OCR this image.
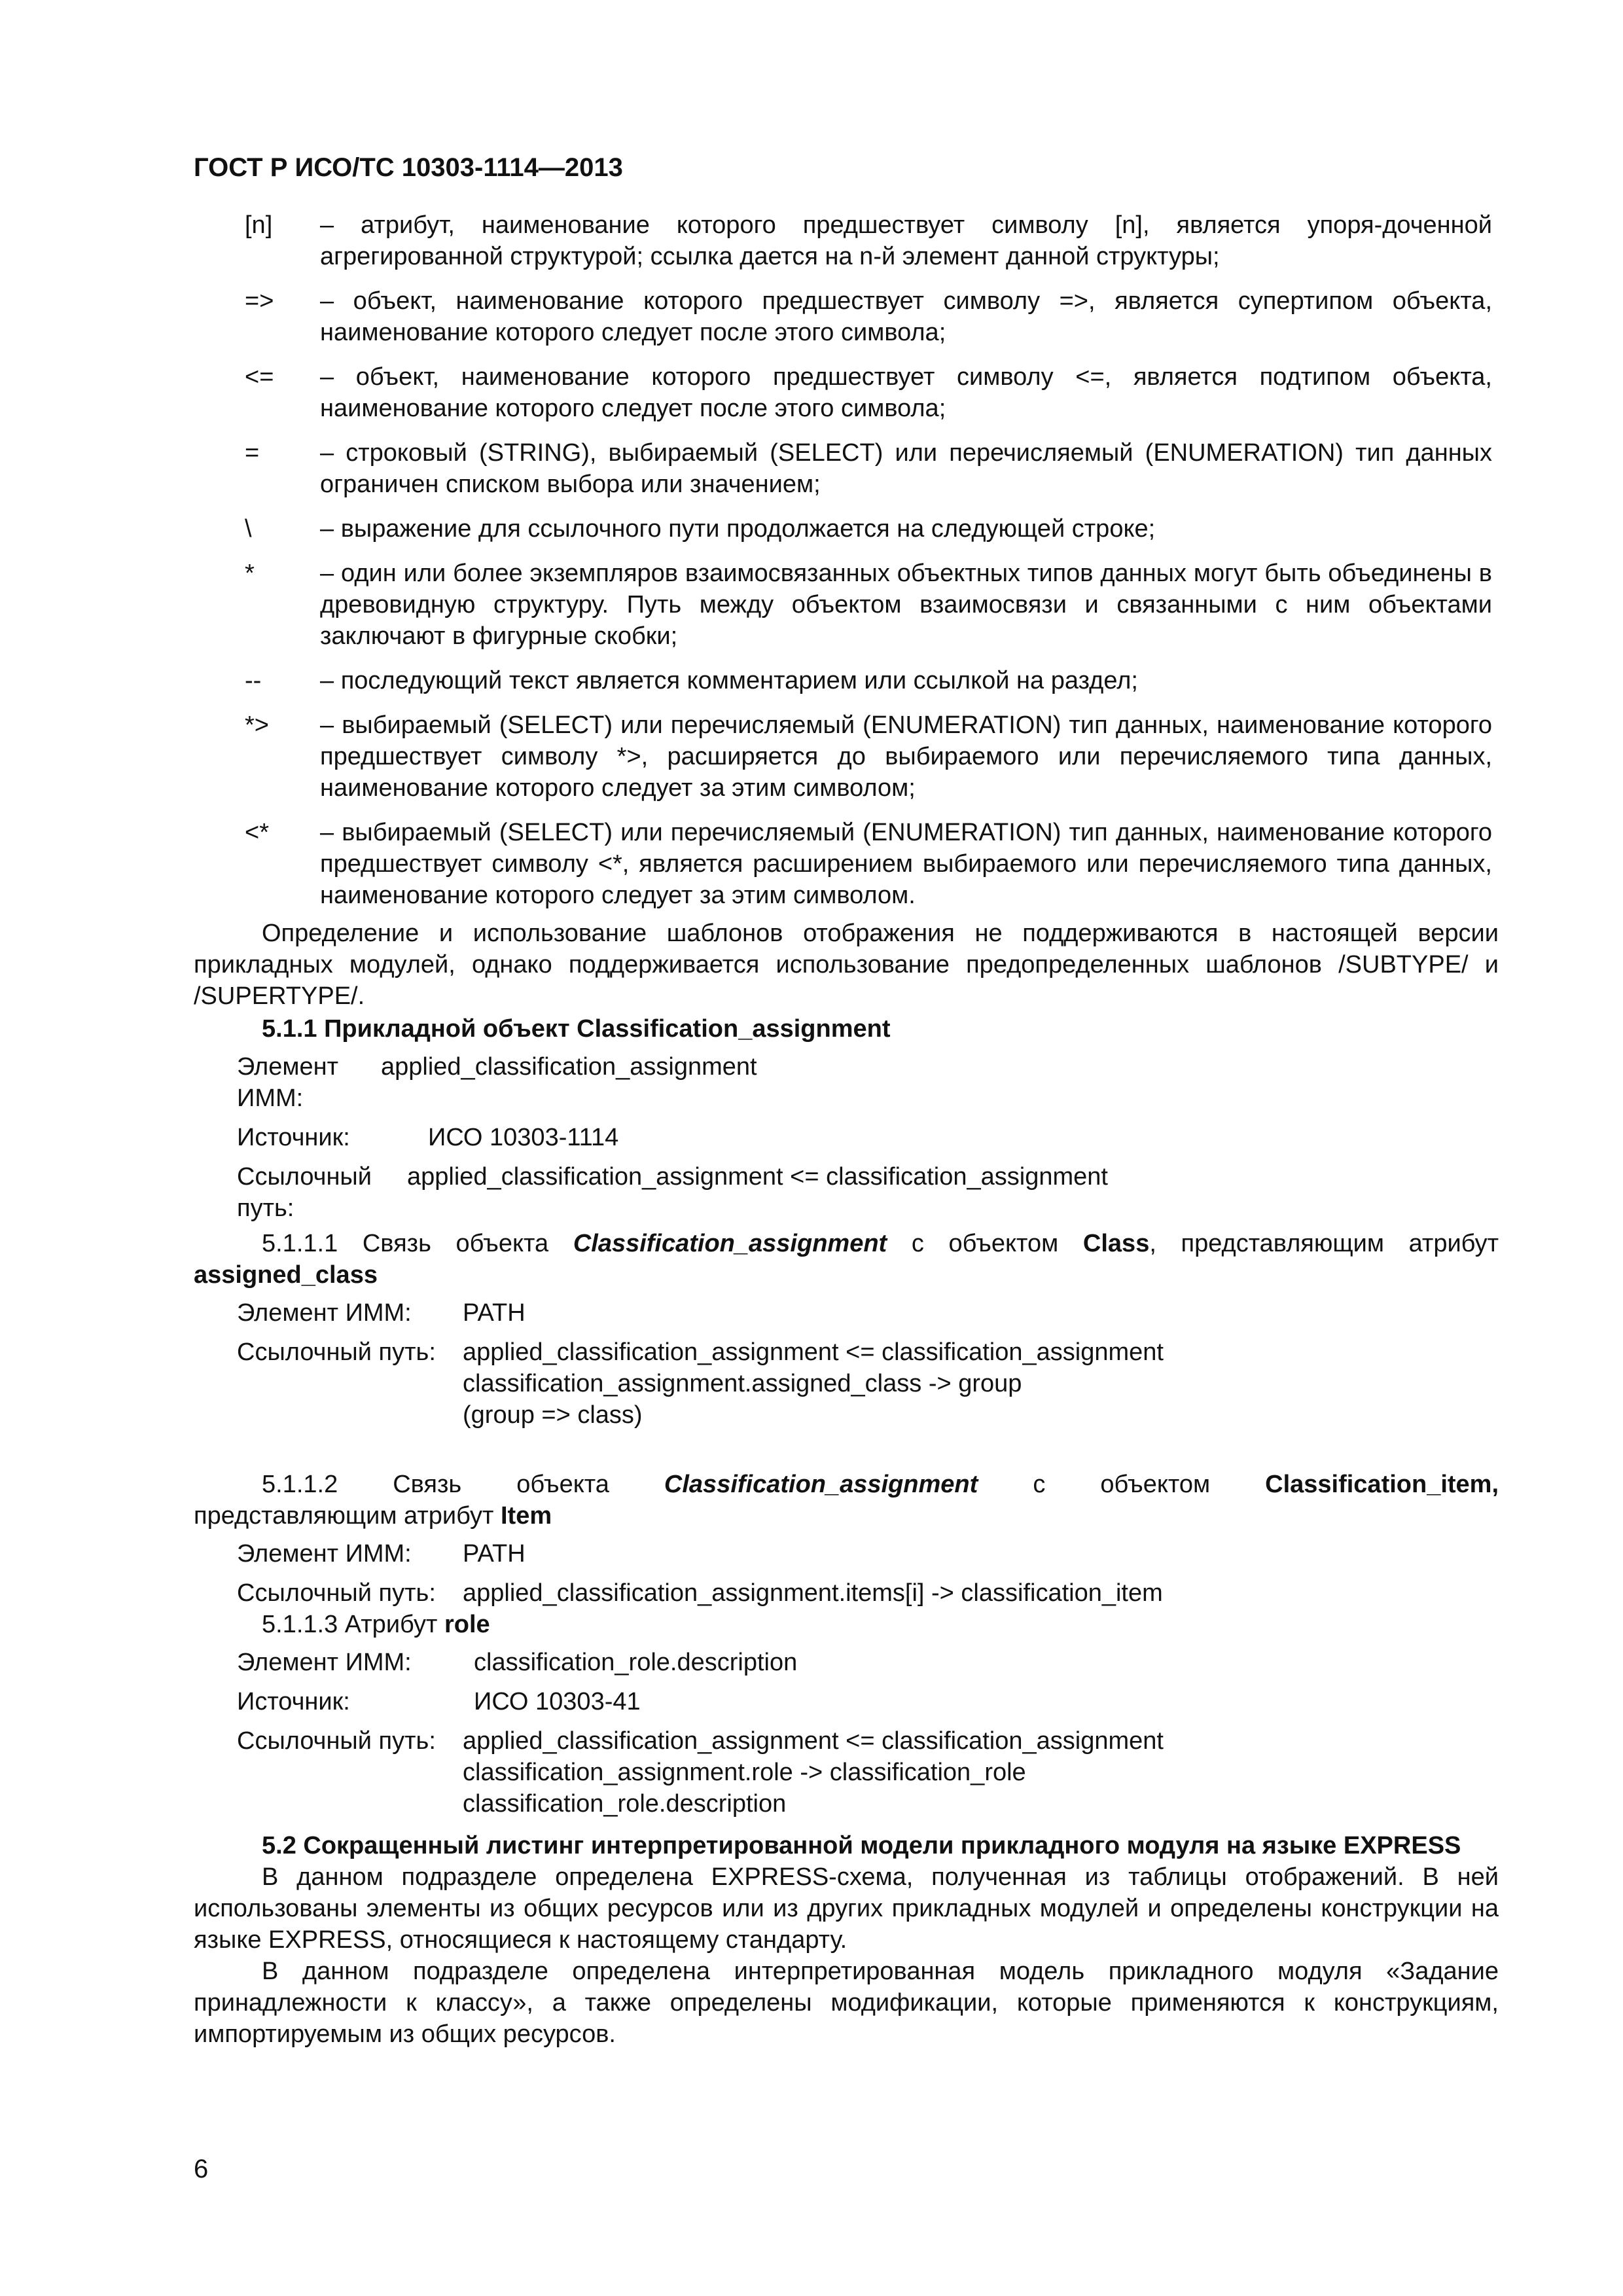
ГОСТ Р ИСО/ТС 10303-1114—2013
[n]	– атрибут, наименование которого предшествует символу [n], является упоря-доченной агрегированной структурой; ссылка дается на n-й элемент данной структуры;
=>	– объект, наименование которого предшествует символу =>, является супертипом объекта, наименование которого следует после этого символа;
<=	– объект, наименование которого предшествует символу <=, является подтипом объекта, наименование которого следует после этого символа;
=	– строковый (STRING), выбираемый (SELECT) или перечисляемый (ENUMERATION) тип данных ограничен списком выбора или значением;
\	– выражение для ссылочного пути продолжается на следующей строке;
*	– один или более экземпляров взаимосвязанных объектных типов данных могут быть объединены в древовидную структуру. Путь между объектом взаимосвязи и связанными с ним объектами заключают в фигурные скобки;
--	– последующий текст является комментарием или ссылкой на раздел;
*>	– выбираемый (SELECT) или перечисляемый (ENUMERATION) тип данных, наименование которого предшествует символу *>, расширяется до выбираемого или перечисляемого типа данных, наименование которого следует за этим символом;
<*	– выбираемый (SELECT) или перечисляемый (ENUMERATION) тип данных, наименование которого предшествует символу <*, является расширением выбираемого или перечисляемого типа данных, наименование которого следует за этим символом.
Определение и использование шаблонов отображения не поддерживаются в настоящей версии прикладных модулей, однако поддерживается использование предопределенных шаблонов /SUBTYPE/ и /SUPERTYPE/.
5.1.1 Прикладной объект Classification_assignment
Элемент ИММ:
applied_classification_assignment
Источник:	ИСО 10303-1114
Ссылочный путь:
applied_classification_assignment <= classification_assignment
5.1.1.1 Связь объекта Classification_assignment с объектом Class, представляющим атрибут
assigned_class
Элемент ИММ:	PATH
Ссылочный путь:	applied_classification_assignment <= classification_assignment
classification_assignment.assigned_class -> group
(group => class)
5.1.1.2 Связь объекта Classification_assignment с объектом Classification_item,
представляющим атрибут Item
Элемент ИММ:	PATH
Ссылочный путь:	applied_classification_assignment.items[i] -> classification_item
5.1.1.3 Атрибут role
Элемент ИММ:	classification_role.description
Источник:	ИСО 10303-41
Ссылочный путь:	applied_classification_assignment <= classification_assignment
classification_assignment.role -> classification_role
classification_role.description
5.2 Сокращенный листинг интерпретированной модели прикладного модуля на языке EXPRESS
В данном подразделе определена EXPRESS-схема, полученная из таблицы отображений. В ней использованы элементы из общих ресурсов или из других прикладных модулей и определены конструкции на языке EXPRESS, относящиеся к настоящему стандарту.
В данном подразделе определена интерпретированная модель прикладного модуля «Задание принадлежности к классу», а также определены модификации, которые применяются к конструкциям, импортируемым из общих ресурсов.
6
